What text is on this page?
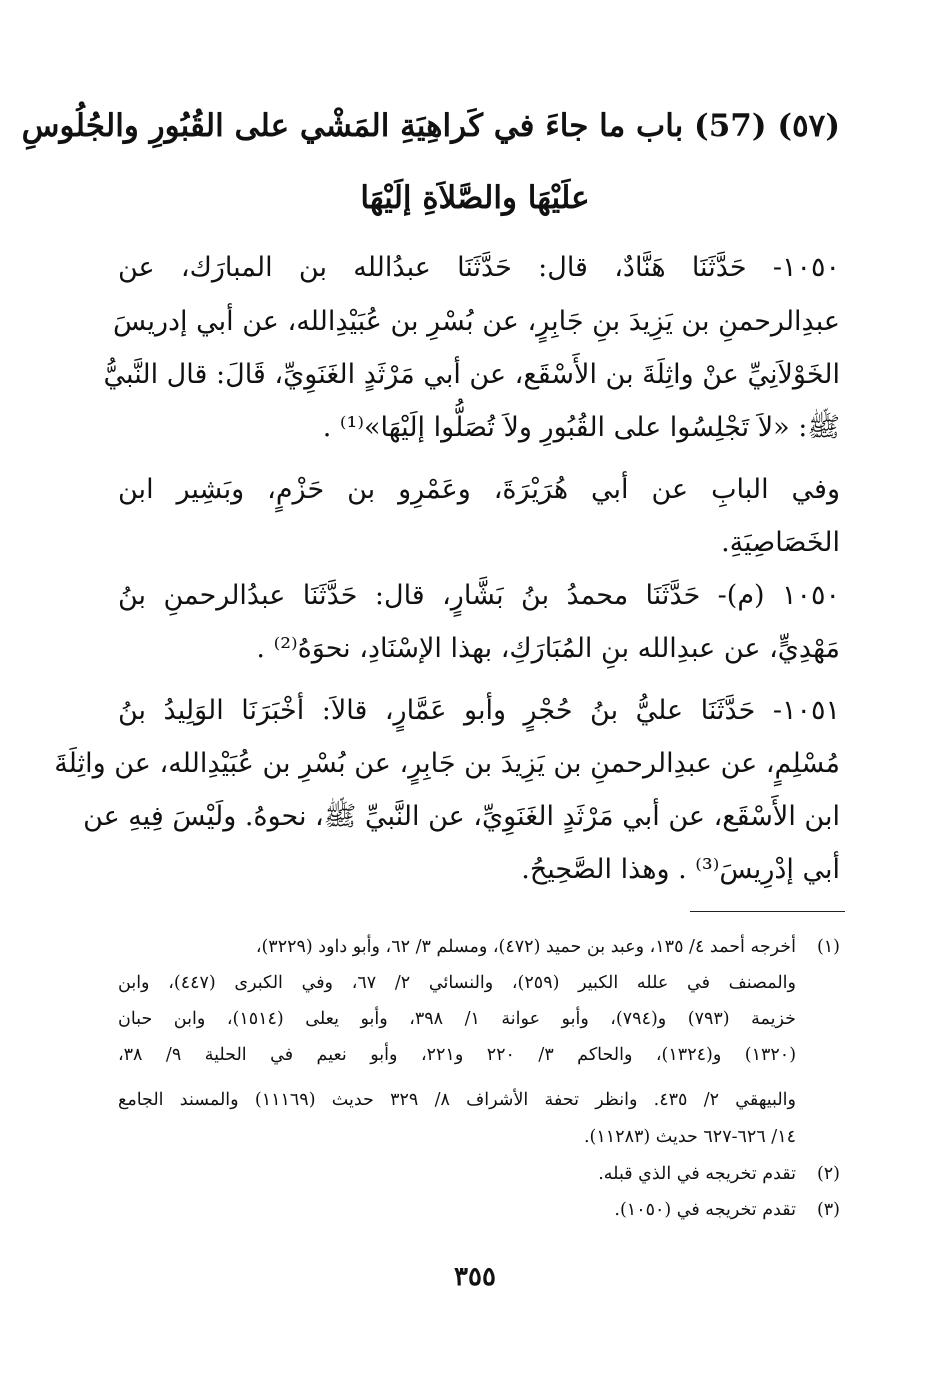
(٥٧) (57) باب ما جاءَ في كَراهِيَةِ المَشْي على القُبُورِ والجُلُوسِ
علَيْهَا والصَّلاَةِ إلَيْهَا
١٠٥٠- حَدَّثَنَا هَنَّادٌ، قال: حَدَّثَنَا عبدُالله بن المبارَك، عن
عبدِالرحمنِ بن يَزِيدَ بنِ جَابِرٍ، عن بُسْرِ بن عُبَيْدِالله، عن أبي إدريسَ
الخَوْلاَنِيِّ عنْ واثِلَةَ بن الأَسْقَع، عن أبي مَرْثَدٍ الغَنَوِيِّ، قَالَ: قال النَّبيُّ
ﷺ: «لاَ تَجْلِسُوا على القُبُورِ ولاَ تُصَلُّوا إلَيْهَا»⁽¹⁾ .
وفي البابِ عن أبي هُرَيْرَةَ، وعَمْرِو بن حَزْمٍ، وبَشِير ابن
الخَصَاصِيَةِ.
١٠٥٠ (م)- حَدَّثَنَا محمدُ بنُ بَشَّارٍ، قال: حَدَّثَنَا عبدُالرحمنِ بنُ
مَهْدِيٍّ، عن عبدِالله بنِ المُبَارَكِ، بهذا الإسْنَادِ، نحوَهُ⁽²⁾ .
١٠٥١- حَدَّثَنَا عليُّ بنُ حُجْرٍ وأبو عَمَّارٍ، قالاَ: أخْبَرَنَا الوَلِيدُ بنُ
مُسْلِمٍ، عن عبدِالرحمنِ بن يَزِيدَ بن جَابِرٍ، عن بُسْرِ بن عُبَيْدِالله، عن واثِلَةَ
ابن الأَسْقَع، عن أبي مَرْثَدٍ الغَنَوِيِّ، عن النَّبيِّ ﷺ، نحوهُ. ولَيْسَ فِيهِ عن
أبي إدْرِيسَ⁽³⁾ . وهذا الصَّحِيحُ.
(١)أخرجه أحمد ٤/ ١٣٥، وعبد بن حميد (٤٧٢)، ومسلم ٣/ ٦٢، وأبو داود (٣٢٢٩)،
والمصنف في علله الكبير (٢٥٩)، والنسائي ٢/ ٦٧، وفي الكبرى (٤٤٧)، وابن
خزيمة (٧٩٣) و(٧٩٤)، وأبو عوانة ١/ ٣٩٨، وأبو يعلى (١٥١٤)، وابن حبان
(١٣٢٠) و(١٣٢٤)، والحاكم ٣/ ٢٢٠ و٢٢١، وأبو نعيم في الحلية ٩/ ٣٨،
والبيهقي ٢/ ٤٣٥. وانظر تحفة الأشراف ٨/ ٣٢٩ حديث (١١١٦٩) والمسند الجامع
١٤/ ٦٢٦-٦٢٧ حديث (١١٢٨٣).
(٢)تقدم تخريجه في الذي قبله.
(٣)تقدم تخريجه في (١٠٥٠).
٣٥٥
